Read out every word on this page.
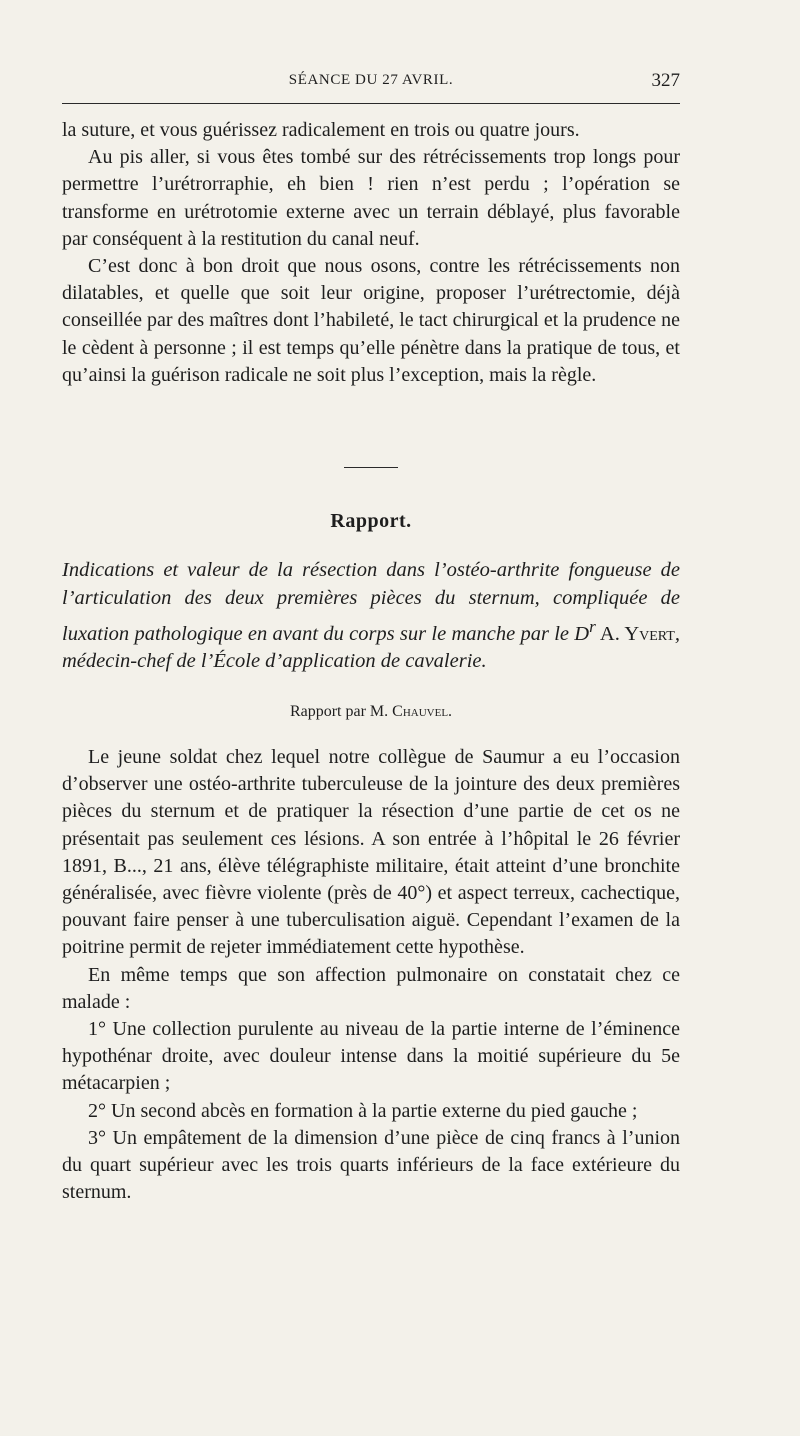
SÉANCE DU 27 AVRIL.	327

la suture, et vous guérissez radicalement en trois ou quatre jours.

Au pis aller, si vous êtes tombé sur des rétrécissements trop longs pour permettre l’urétrorraphie, eh bien ! rien n’est perdu ; l’opération se transforme en urétrotomie externe avec un terrain déblayé, plus favorable par conséquent à la restitution du canal neuf.

C’est donc à bon droit que nous osons, contre les rétrécissements non dilatables, et quelle que soit leur origine, proposer l’urétrectomie, déjà conseillée par des maîtres dont l’habileté, le tact chirurgical et la prudence ne le cèdent à personne ; il est temps qu’elle pénètre dans la pratique de tous, et qu’ainsi la guérison radicale ne soit plus l’exception, mais la règle.

Rapport.
Indications et valeur de la résection dans l’ostéo-arthrite fongueuse de l’articulation des deux premières pièces du sternum, compliquée de luxation pathologique en avant du corps sur le manche par le $D^r$ A. Yvert, médecin-chef de l’École d’application de cavalerie.
Rapport par M. Chauvel.

Le jeune soldat chez lequel notre collègue de Saumur a eu l’occasion d’observer une ostéo-arthrite tuberculeuse de la jointure des deux premières pièces du sternum et de pratiquer la résection d’une partie de cet os ne présentait pas seulement ces lésions. A son entrée à l’hôpital le 26 février 1891, B..., 21 ans, élève télégraphiste militaire, était atteint d’une bronchite généralisée, avec fièvre violente (près de 40°) et aspect terreux, cachectique, pouvant faire penser à une tuberculisation aiguë. Cependant l’examen de la poitrine permit de rejeter immédiatement cette hypothèse.

En même temps que son affection pulmonaire on constatait chez ce malade :

1° Une collection purulente au niveau de la partie interne de l’éminence hypothénar droite, avec douleur intense dans la moitié supérieure du 5e métacarpien ;

2° Un second abcès en formation à la partie externe du pied gauche ;

3° Un empâtement de la dimension d’une pièce de cinq francs à l’union du quart supérieur avec les trois quarts inférieurs de la face extérieure du sternum.
